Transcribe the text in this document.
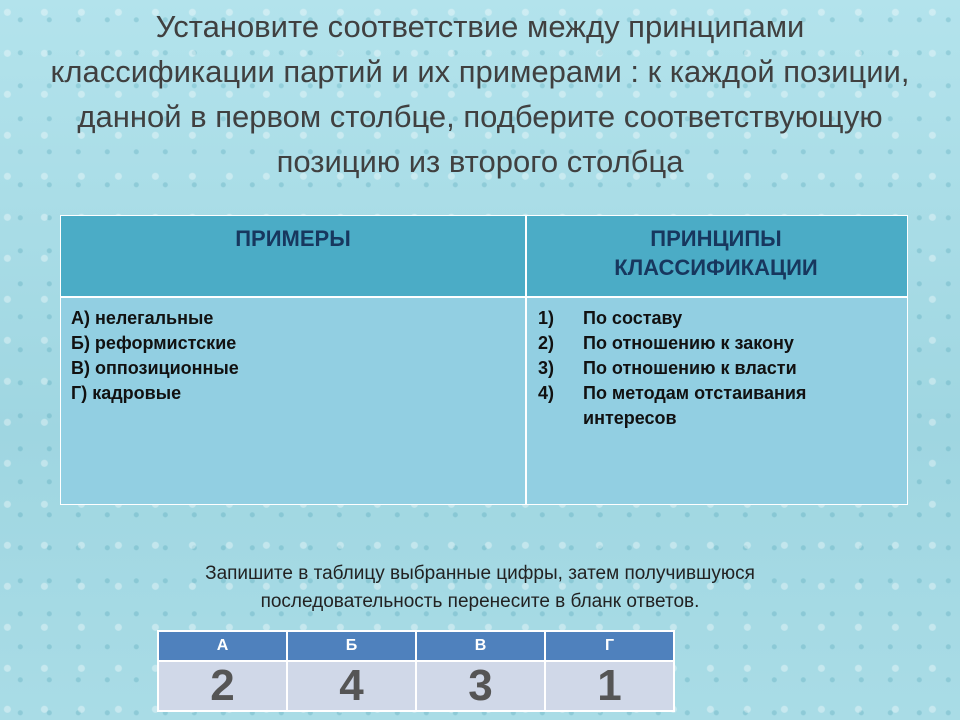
Установите соответствие между принципами классификации партий и их примерами : к каждой позиции, данной в первом столбце, подберите соответствующую позицию из второго столбца
ПРИМЕРЫ	ПРИНЦИПЫ КЛАССИФИКАЦИИ
А) нелегальные
Б) реформистские
В) оппозиционные
Г) кадровые
1)	По составу
2)	По отношению к закону
3)	По отношению к власти
4)	По методам отстаивания интересов
Запишите в таблицу выбранные цифры, затем получившуюся последовательность перенесите в бланк ответов.
А	Б	В	Г
2	4	3	1
